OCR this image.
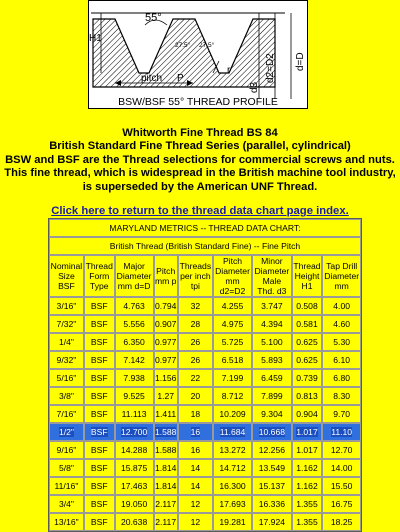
55°
27.5° 27.5°
H1
pitch P
r
d3
d2=D2 d=D
BSW/BSF 55° THREAD PROFILE
Whitworth Fine Thread BS 84
British Standard Fine Thread Series (parallel, cylindrical)
BSW and BSF are the Thread selections for commercial screws and nuts.
This fine thread, which is widespread in the British machine tool industry,
is superseded by the American UNF Thread.
Click here to return to the thread data chart page index.
MARYLAND METRICS -- THREAD DATA CHART:								
British Thread (British Standard Fine) -- Fine Pitch								
Nominal Size BSF	Thread Form Type	Major Diameter mm d=D	Pitch mm p	Threads per inch tpi	Pitch Diameter mm d2=D2	Minor Diameter Male Thd. d3	Thread Height H1	Tap Drill Diameter mm
3/16"	BSF	4.763	0.794	32	4.255	3.747	0.508	4.00
7/32"	BSF	5.556	0.907	28	4.975	4.394	0.581	4.60
1/4"	BSF	6.350	0.977	26	5.725	5.100	0.625	5.30
9/32"	BSF	7.142	0.977	26	6.518	5.893	0.625	6.10
5/16"	BSF	7.938	1.156	22	7.199	6.459	0.739	6.80
3/8"	BSF	9.525	1.27	20	8.712	7.899	0.813	8.30
7/16"	BSF	11.113	1.411	18	10.209	9.304	0.904	9.70
1/2"	BSF	12.700	1.588	16	11.684	10.668	1.017	11.10
9/16"	BSF	14.288	1.588	16	13.272	12.256	1.017	12.70
5/8"	BSF	15.875	1.814	14	14.712	13.549	1.162	14.00
11/16"	BSF	17.463	1.814	14	16.300	15.137	1.162	15.50
3/4"	BSF	19.050	2.117	12	17.693	16.336	1.355	16.75
13/16"	BSF	20.638	2.117	12	19.281	17.924	1.355	18.25
